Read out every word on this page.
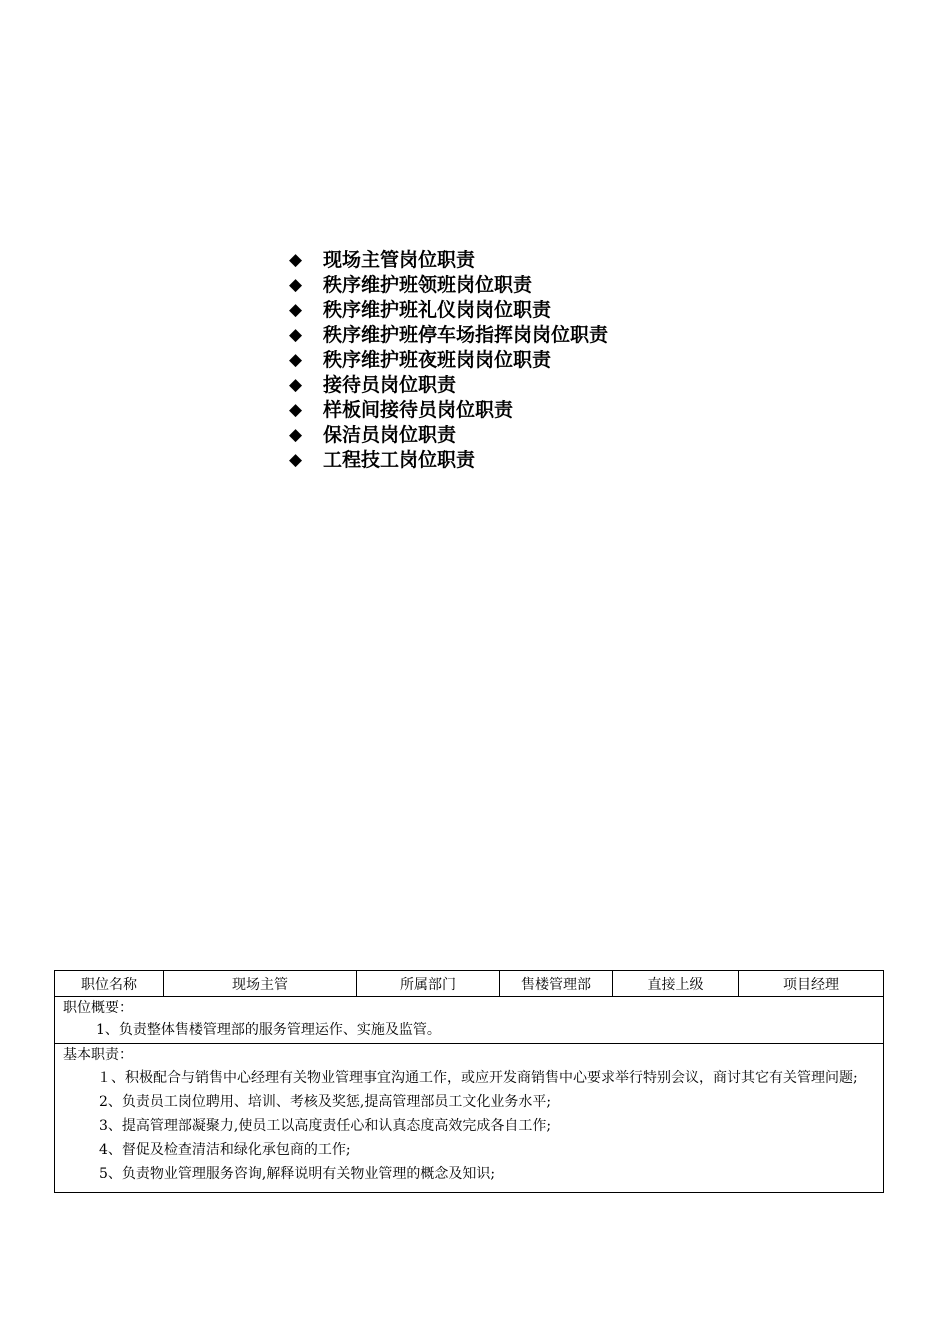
◆	现场主管岗位职责
◆	秩序维护班领班岗位职责
◆	秩序维护班礼仪岗岗位职责
◆	秩序维护班停车场指挥岗岗位职责
◆	秩序维护班夜班岗岗位职责
◆	接待员岗位职责
◆	样板间接待员岗位职责
◆	保洁员岗位职责
◆	工程技工岗位职责
职位名称	现场主管	所属部门	售楼管理部	直接上级	项目经理

职位概要：
1、负责整体售楼管理部的服务管理运作、实施及监管。

基本职责：
１、积极配合与销售中心经理有关物业管理事宜沟通工作，或应开发商销售中心要求举行特别会议，商讨其它有关管理问题;
2、负责员工岗位聘用、培训、考核及奖惩,提高管理部员工文化业务水平;
3、提高管理部凝聚力,使员工以高度责任心和认真态度高效完成各自工作;
4、督促及检查清洁和绿化承包商的工作;
5、负责物业管理服务咨询,解释说明有关物业管理的概念及知识;
